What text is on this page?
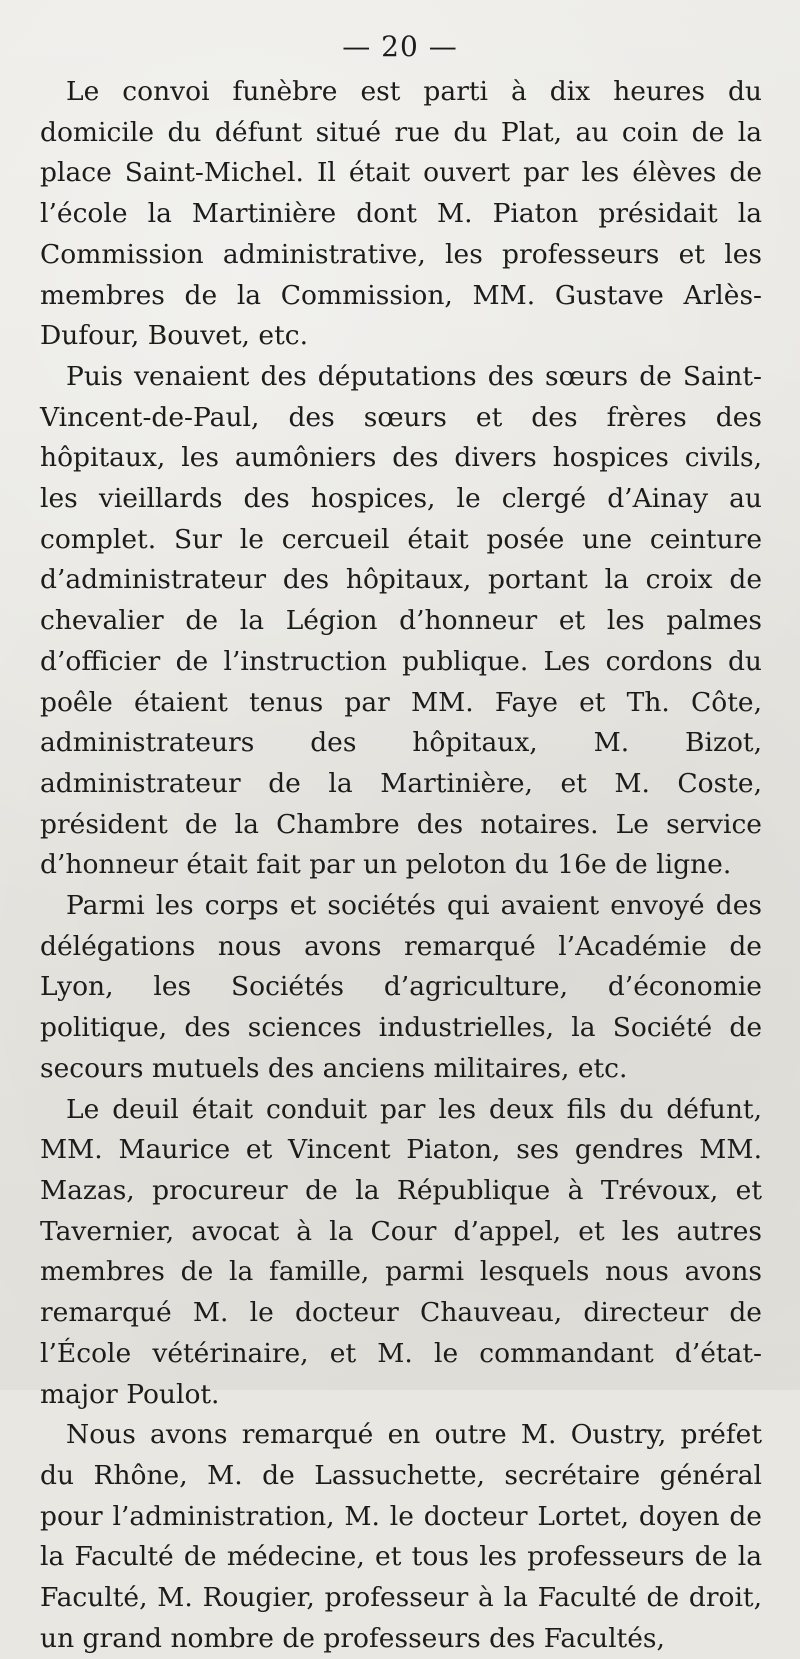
— 20 —

Le convoi funèbre est parti à dix heures du domicile du défunt situé rue du Plat, au coin de la place Saint-Michel. Il était ouvert par les élèves de l’école la Martinière dont M. Piaton présidait la Commission administrative, les professeurs et les membres de la Commission, MM. Gustave Arlès-Dufour, Bouvet, etc.

Puis venaient des députations des sœurs de Saint-Vincent-de-Paul, des sœurs et des frères des hôpitaux, les aumôniers des divers hospices civils, les vieillards des hospices, le clergé d’Ainay au complet. Sur le cercueil était posée une ceinture d’administrateur des hôpitaux, portant la croix de chevalier de la Légion d’honneur et les palmes d’officier de l’instruction publique. Les cordons du poêle étaient tenus par MM. Faye et Th. Côte, administrateurs des hôpitaux, M. Bizot, administrateur de la Martinière, et M. Coste, président de la Chambre des notaires. Le service d’honneur était fait par un peloton du 16e de ligne.

Parmi les corps et sociétés qui avaient envoyé des délégations nous avons remarqué l’Académie de Lyon, les Sociétés d’agriculture, d’économie politique, des sciences industrielles, la Société de secours mutuels des anciens militaires, etc.

Le deuil était conduit par les deux fils du défunt, MM. Maurice et Vincent Piaton, ses gendres MM. Mazas, procureur de la République à Trévoux, et Tavernier, avocat à la Cour d’appel, et les autres membres de la famille, parmi lesquels nous avons remarqué M. le docteur Chauveau, directeur de l’École vétérinaire, et M. le commandant d’état-major Poulot.

Nous avons remarqué en outre M. Oustry, préfet du Rhône, M. de Lassuchette, secrétaire général pour l’administration, M. le docteur Lortet, doyen de la Faculté de médecine, et tous les professeurs de la Faculté, M. Rougier, professeur à la Faculté de droit, un grand nombre de professeurs des Facultés,
